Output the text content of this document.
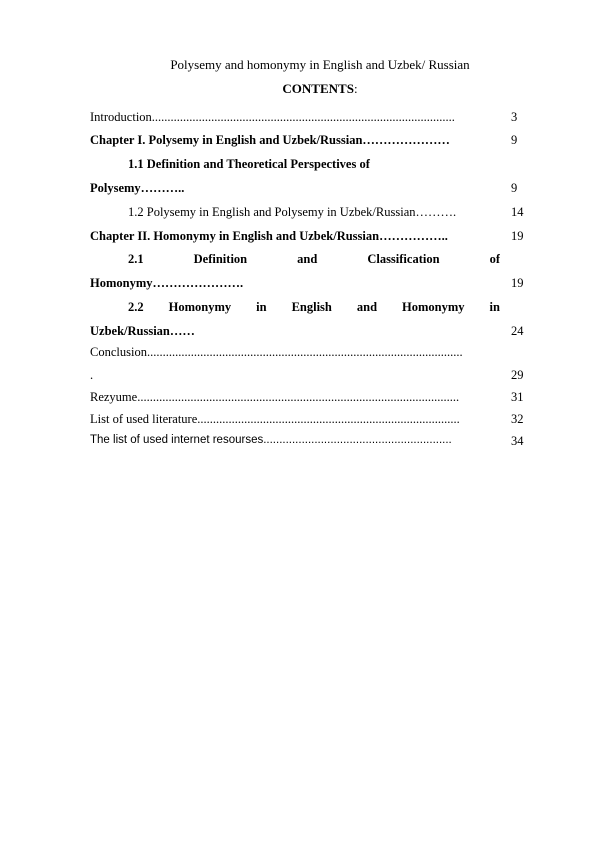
Polysemy and homonymy in English and Uzbek/ Russian
CONTENTS:
Introduction.................................................................................................	3
Chapter I. Polysemy in English and Uzbek/Russian…………………	9
1.1 Definition and Theoretical Perspectives of
Polysemy………..	9
1.2 Polysemy in English and Polysemy in Uzbek/Russian……….	14
Chapter II. Homonymy in English and Uzbek/Russian……………..	19
2.1	Definition	and	Classification	of
Homonymy………………….	19
2.2 Homonymy in English and Homonymy in
Uzbek/Russian……	24
Conclusion.....................................................................................................
.	29
Rezyume.......................................................................................................	31
List of used literature....................................................................................	32
The list of used internet resourses...........................................................	34
